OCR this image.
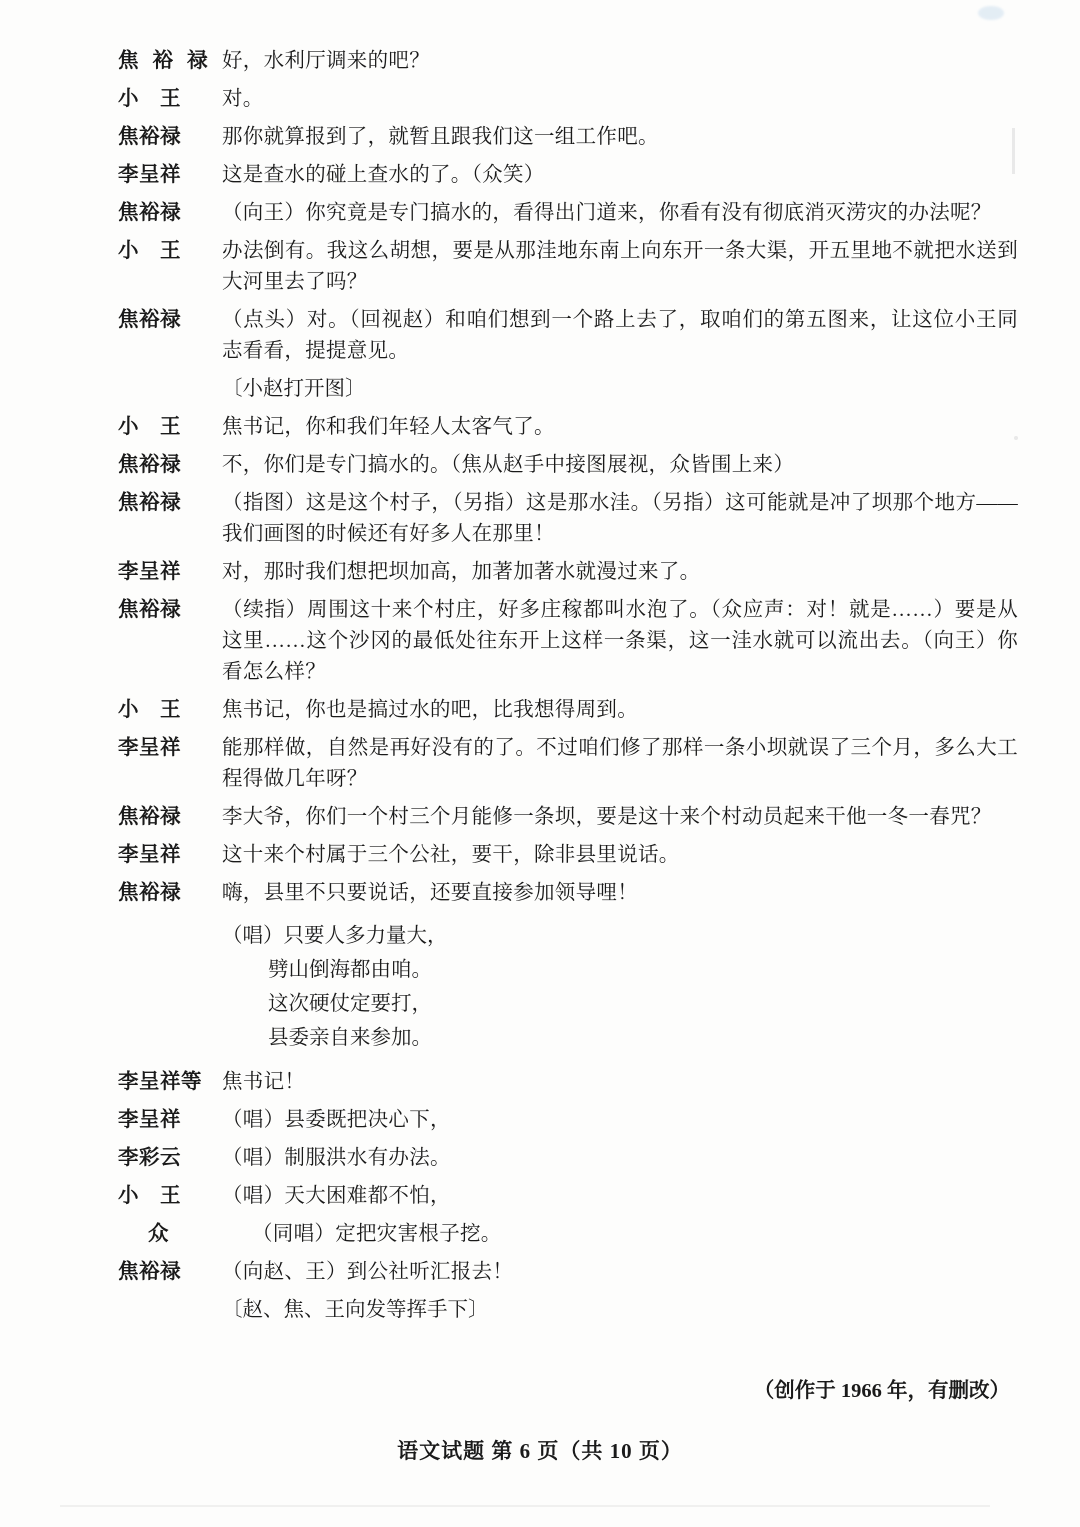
焦裕禄 好，水利厅调来的吧？
小　王	对。
焦裕禄	那你就算报到了，就暂且跟我们这一组工作吧。
李呈祥	这是查水的碰上查水的了。（众笑）
焦裕禄	（向王）你究竟是专门搞水的，看得出门道来，你看有没有彻底消灭涝灾的办法呢？
小　王	办法倒有。我这么胡想，要是从那洼地东南上向东开一条大渠，开五里地不就把水送到大河里去了吗？
焦裕禄	（点头）对。（回视赵）和咱们想到一个路上去了，取咱们的第五图来，让这位小王同志看看，提提意见。
〔小赵打开图〕
小　王	焦书记，你和我们年轻人太客气了。
焦裕禄	不，你们是专门搞水的。（焦从赵手中接图展视，众皆围上来）
焦裕禄	（指图）这是这个村子，（另指）这是那水洼。（另指）这可能就是冲了坝那个地方——我们画图的时候还有好多人在那里！
李呈祥	对，那时我们想把坝加高，加著加著水就漫过来了。
焦裕禄	（续指）周围这十来个村庄，好多庄稼都叫水泡了。（众应声：对！就是……）要是从这里……这个沙冈的最低处往东开上这样一条渠，这一洼水就可以流出去。（向王）你看怎么样？
小　王	焦书记，你也是搞过水的吧，比我想得周到。
李呈祥	能那样做，自然是再好没有的了。不过咱们修了那样一条小坝就误了三个月，多么大工程得做几年呀？
焦裕禄	李大爷，你们一个村三个月能修一条坝，要是这十来个村动员起来干他一冬一春咒？
李呈祥	这十来个村属于三个公社，要干，除非县里说话。
焦裕禄	嗨，县里不只要说话，还要直接参加领导哩！
（唱）只要人多力量大，
劈山倒海都由咱。
这次硬仗定要打，
县委亲自来参加。
李呈祥等 焦书记！
李呈祥	（唱）县委既把决心下，
李彩云	（唱）制服洪水有办法。
小　王	（唱）天大困难都不怕，
众	（同唱）定把灾害根子挖。
焦裕禄	（向赵、王）到公社听汇报去！
〔赵、焦、王向发等挥手下〕
（创作于 1966 年，有删改）
语文试题 第 6 页（共 10 页）
